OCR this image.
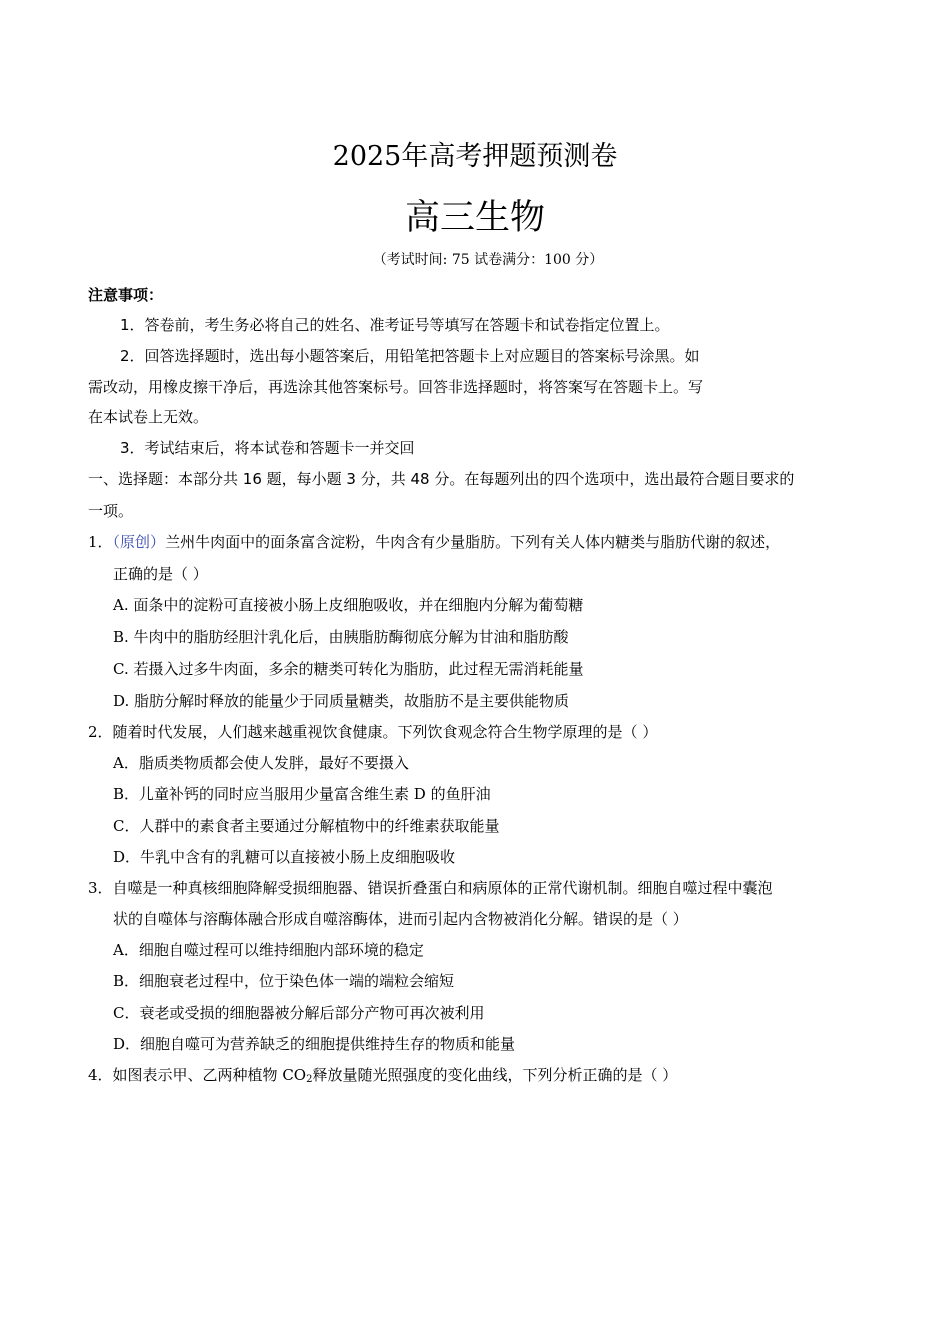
2025年高考押题预测卷
高三生物
（考试时间: 75 试卷满分：100 分）
注意事项：
1．答卷前，考生务必将自己的姓名、准考证号等填写在答题卡和试卷指定位置上。
2．回答选择题时，选出每小题答案后，用铅笔把答题卡上对应题目的答案标号涂黑。如
需改动，用橡皮擦干净后，再选涂其他答案标号。回答非选择题时，将答案写在答题卡上。写
在本试卷上无效。
3．考试结束后，将本试卷和答题卡一并交回
一、选择题：本部分共 16 题，每小题 3 分，共 48 分。在每题列出的四个选项中，选出最符合题目要求的
一项。
1．（原创）兰州牛肉面中的面条富含淀粉，牛肉含有少量脂肪。下列有关人体内糖类与脂肪代谢的叙述，
正确的是（ ）
A. 面条中的淀粉可直接被小肠上皮细胞吸收，并在细胞内分解为葡萄糖
B. 牛肉中的脂肪经胆汁乳化后，由胰脂肪酶彻底分解为甘油和脂肪酸
C. 若摄入过多牛肉面，多余的糖类可转化为脂肪，此过程无需消耗能量
D. 脂肪分解时释放的能量少于同质量糖类，故脂肪不是主要供能物质
2．随着时代发展，人们越来越重视饮食健康。下列饮食观念符合生物学原理的是（ ）
A．脂质类物质都会使人发胖，最好不要摄入
B．儿童补钙的同时应当服用少量富含维生素 D 的鱼肝油
C．人群中的素食者主要通过分解植物中的纤维素获取能量
D．牛乳中含有的乳糖可以直接被小肠上皮细胞吸收
3．自噬是一种真核细胞降解受损细胞器、错误折叠蛋白和病原体的正常代谢机制。细胞自噬过程中囊泡
状的自噬体与溶酶体融合形成自噬溶酶体，进而引起内含物被消化分解。错误的是（ ）
A．细胞自噬过程可以维持细胞内部环境的稳定
B．细胞衰老过程中，位于染色体一端的端粒会缩短
C．衰老或受损的细胞器被分解后部分产物可再次被利用
D．细胞自噬可为营养缺乏的细胞提供维持生存的物质和能量
4．如图表示甲、乙两种植物 $CO_2$释放量随光照强度的变化曲线，下列分析正确的是（ ）
